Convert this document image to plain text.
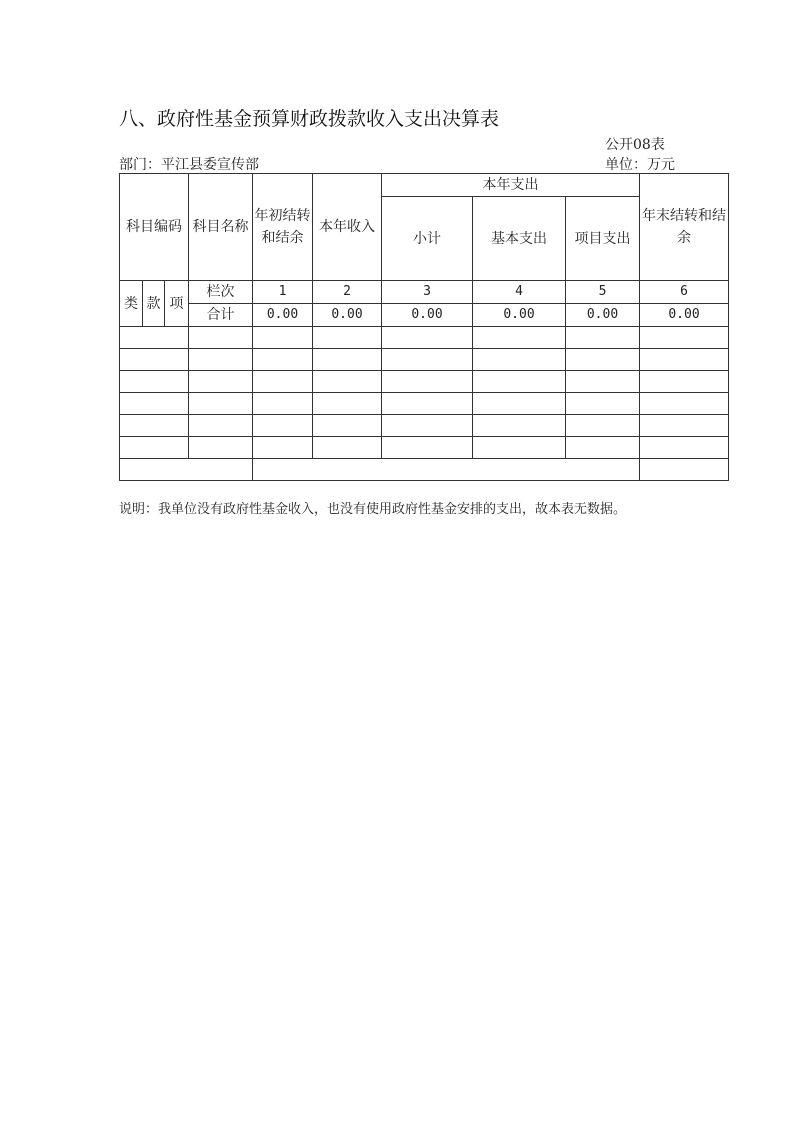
八、政府性基金预算财政拨款收入支出决算表
公开08表
部门：平江县委宣传部	单位：万元
科目编码			科目名称	年初结转和结余	本年收入	本年支出			年末结转和结余
						小计	基本支出	项目支出	
类	款	项	栏次	1	2	3	4	5	6
			合计	0.00	0.00	0.00	0.00	0.00	0.00

说明：我单位没有政府性基金收入，也没有使用政府性基金安排的支出，故本表无数据。
